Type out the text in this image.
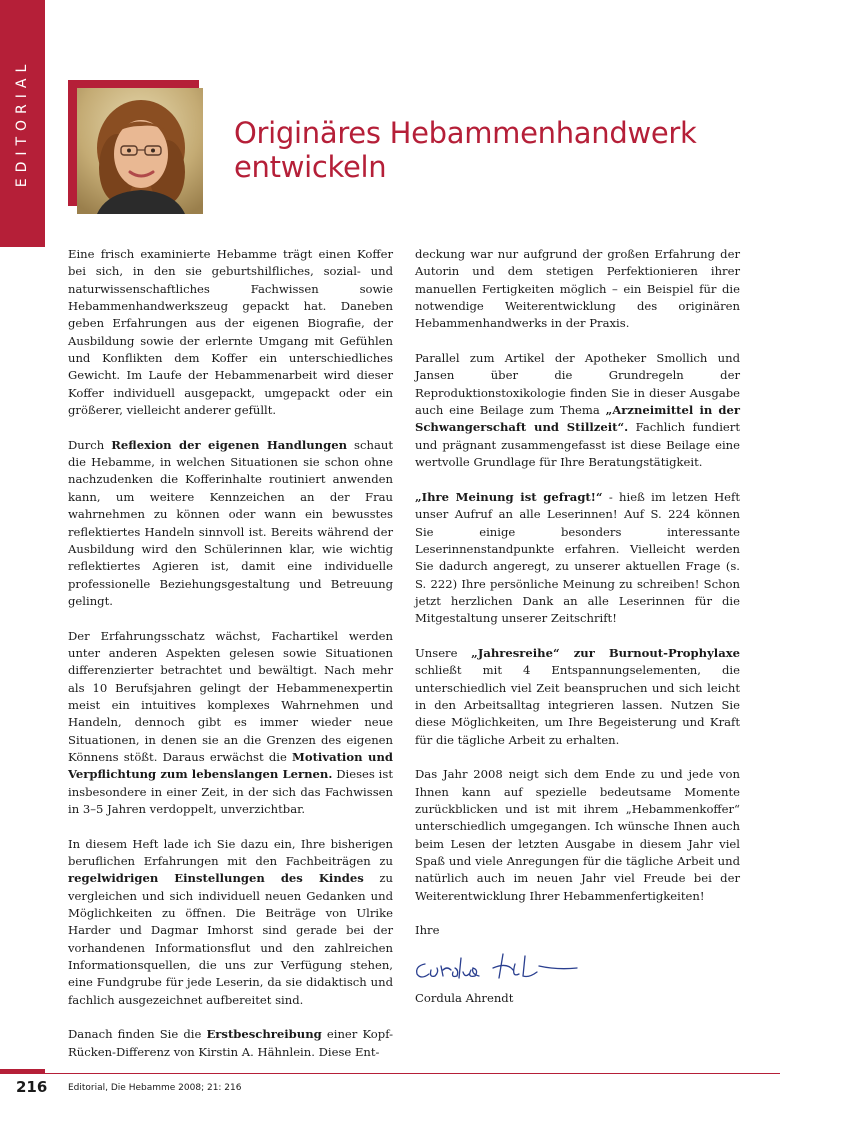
EDITORIAL	Originäres Hebammenhandwerk
entwickeln

Eine frisch examinierte Hebamme trägt einen Koffer bei sich, in den sie geburtshilfliches, sozial- und naturwissenschaftliches Fachwissen sowie Hebammenhandwerkszeug gepackt hat. Daneben geben Erfahrungen aus der eigenen Biografie, der Ausbildung sowie der erlernte Umgang mit Gefühlen und Konflikten dem Koffer ein unterschiedliches Gewicht. Im Laufe der Hebammenarbeit wird dieser Koffer individuell ausgepackt, umgepackt oder ein größerer, vielleicht anderer gefüllt.

Durch Reflexion der eigenen Handlungen schaut die Hebamme, in welchen Situationen sie schon ohne nachzudenken die Kofferinhalte routiniert anwenden kann, um weitere Kennzeichen an der Frau wahrnehmen zu können oder wann ein bewusstes reflektiertes Handeln sinnvoll ist. Bereits während der Ausbildung wird den Schülerinnen klar, wie wichtig reflektiertes Agieren ist, damit eine individuelle professionelle Beziehungsgestaltung und Betreuung gelingt.

Der Erfahrungsschatz wächst, Fachartikel werden unter anderen Aspekten gelesen sowie Situationen differenzierter betrachtet und bewältigt. Nach mehr als 10 Berufsjahren gelingt der Hebammenexpertin meist ein intuitives komplexes Wahrnehmen und Handeln, dennoch gibt es immer wieder neue Situationen, in denen sie an die Grenzen des eigenen Könnens stößt. Daraus erwächst die Motivation und Verpflichtung zum lebenslangen Lernen. Dieses ist insbesondere in einer Zeit, in der sich das Fachwissen in 3–5 Jahren verdoppelt, unverzichtbar.

In diesem Heft lade ich Sie dazu ein, Ihre bisherigen beruflichen Erfahrungen mit den Fachbeiträgen zu regelwidrigen Einstellungen des Kindes zu vergleichen und sich individuell neuen Gedanken und Möglichkeiten zu öffnen. Die Beiträge von Ulrike Harder und Dagmar Imhorst sind gerade bei der vorhandenen Informationsflut und den zahlreichen Informationsquellen, die uns zur Verfügung stehen, eine Fundgrube für jede Leserin, da sie didaktisch und fachlich ausgezeichnet aufbereitet sind.

Danach finden Sie die Erstbeschreibung einer Kopf-Rücken-Differenz von Kirstin A. Hähnlein. Diese Ent-

deckung war nur aufgrund der großen Erfahrung der Autorin und dem stetigen Perfektionieren ihrer manuellen Fertigkeiten möglich – ein Beispiel für die notwendige Weiterentwicklung des originären Hebammenhandwerks in der Praxis.

Parallel zum Artikel der Apotheker Smollich und Jansen über die Grundregeln der Reproduktionstoxikologie finden Sie in dieser Ausgabe auch eine Beilage zum Thema „Arzneimittel in der Schwangerschaft und Stillzeit“. Fachlich fundiert und prägnant zusammengefasst ist diese Beilage eine wertvolle Grundlage für Ihre Beratungstätigkeit.

„Ihre Meinung ist gefragt!“ - hieß im letzen Heft unser Aufruf an alle Leserinnen! Auf S. 224 können Sie einige besonders interessante Leserinnenstandpunkte erfahren. Vielleicht werden Sie dadurch angeregt, zu unserer aktuellen Frage (s. S. 222) Ihre persönliche Meinung zu schreiben! Schon jetzt herzlichen Dank an alle Leserinnen für die Mitgestaltung unserer Zeitschrift!

Unsere „Jahresreihe“ zur Burnout-Prophylaxe schließt mit 4 Entspannungselementen, die unterschiedlich viel Zeit beanspruchen und sich leicht in den Arbeitsalltag integrieren lassen. Nutzen Sie diese Möglichkeiten, um Ihre Begeisterung und Kraft für die tägliche Arbeit zu erhalten.

Das Jahr 2008 neigt sich dem Ende zu und jede von Ihnen kann auf spezielle bedeutsame Momente zurückblicken und ist mit ihrem „Hebammenkoffer“ unterschiedlich umgegangen. Ich wünsche Ihnen auch beim Lesen der letzten Ausgabe in diesem Jahr viel Spaß und viele Anregungen für die tägliche Arbeit und natürlich auch im neuen Jahr viel Freude bei der Weiterentwicklung Ihrer Hebammenfertigkeiten!

Ihre

Cordula Ahrendt

216 Editorial, Die Hebamme 2008; 21: 216
